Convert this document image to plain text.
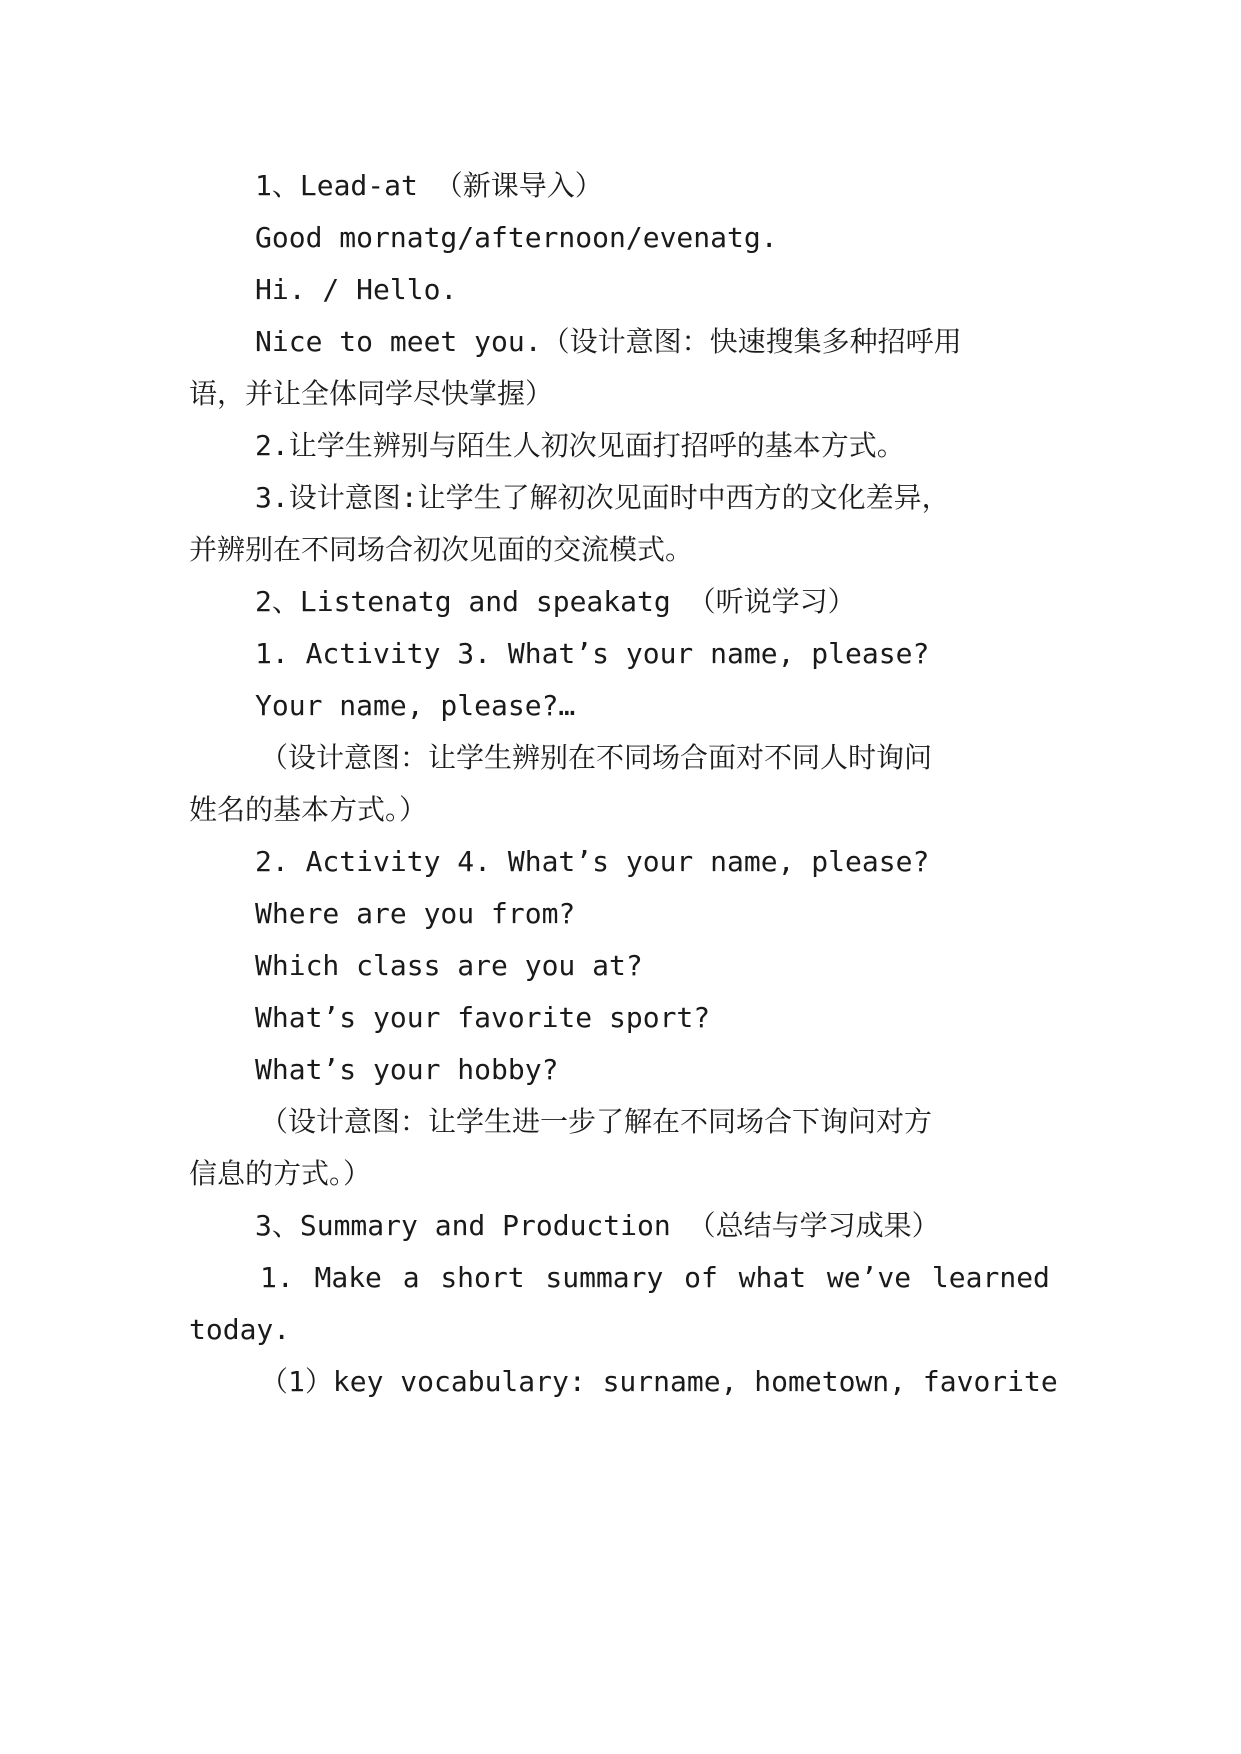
1、Lead-at （新课导入）

Good mornatg/afternoon/evenatg.

Hi. / Hello.

Nice to meet you.（设计意图：快速搜集多种招呼用

语，并让全体同学尽快掌握）

2.让学生辨别与陌生人初次见面打招呼的基本方式。

3.设计意图:让学生了解初次见面时中西方的文化差异，

并辨别在不同场合初次见面的交流模式。

2、Listenatg and speakatg （听说学习）

1. Activity 3. What’s your name, please?

Your name, please?…

（设计意图：让学生辨别在不同场合面对不同人时询问

姓名的基本方式。）

2. Activity 4. What’s your name, please?

Where are you from?

Which class are you at?

What’s your favorite sport?

What’s your hobby?

（设计意图：让学生进一步了解在不同场合下询问对方

信息的方式。）

3、Summary and Production （总结与学习成果）

1. Make a short summary of what we’ve learned

today.

（1）key vocabulary: surname, hometown, favorite
